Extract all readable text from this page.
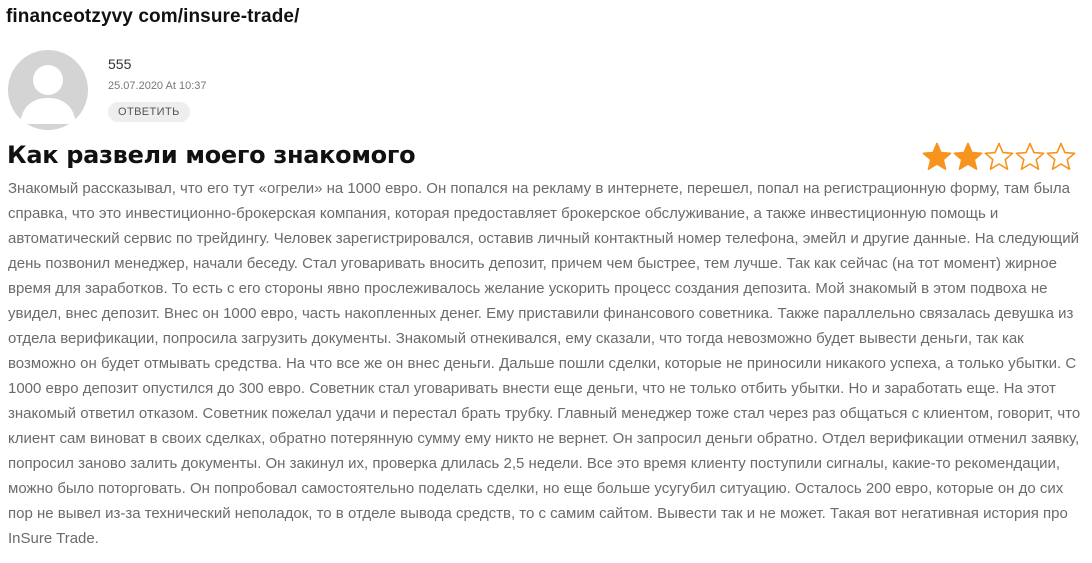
financeotzyvy com/insure-trade/
555
25.07.2020 At 10:37
ОТВЕТИТЬ
Как развели моего знакомого

Знакомый рассказывал, что его тут «огрели» на 1000 евро. Он попался на рекламу в интернете, перешел, попал на регистрационную форму, там была справка, что это инвестиционно-брокерская компания, которая предоставляет брокерское обслуживание, а также инвестиционную помощь и автоматический сервис по трейдингу. Человек зарегистрировался, оставив личный контактный номер телефона, эмейл и другие данные. На следующий день позвонил менеджер, начали беседу. Стал уговаривать вносить депозит, причем чем быстрее, тем лучше. Так как сейчас (на тот момент) жирное время для заработков. То есть с его стороны явно прослеживалось желание ускорить процесс создания депозита. Мой знакомый в этом подвоха не увидел, внес депозит. Внес он 1000 евро, часть накопленных денег. Ему приставили финансового советника. Также параллельно связалась девушка из отдела верификации, попросила загрузить документы. Знакомый отнекивался, ему сказали, что тогда невозможно будет вывести деньги, так как возможно он будет отмывать средства. На что все же он внес деньги. Дальше пошли сделки, которые не приносили никакого успеха, а только убытки. С 1000 евро депозит опустился до 300 евро. Советник стал уговаривать внести еще деньги, что не только отбить убытки. Но и заработать еще. На этот знакомый ответил отказом. Советник пожелал удачи и перестал брать трубку. Главный менеджер тоже стал через раз общаться с клиентом, говорит, что клиент сам виноват в своих сделках, обратно потерянную сумму ему никто не вернет. Он запросил деньги обратно. Отдел верификации отменил заявку, попросил заново залить документы. Он закинул их, проверка длилась 2,5 недели. Все это время клиенту поступили сигналы, какие-то рекомендации, можно было поторговать. Он попробовал самостоятельно поделать сделки, но еще больше усугубил ситуацию. Осталось 200 евро, которые он до сих пор не вывел из-за технический неполадок, то в отделе вывода средств, то с самим сайтом. Вывести так и не может. Такая вот негативная история про InSure Trade.
